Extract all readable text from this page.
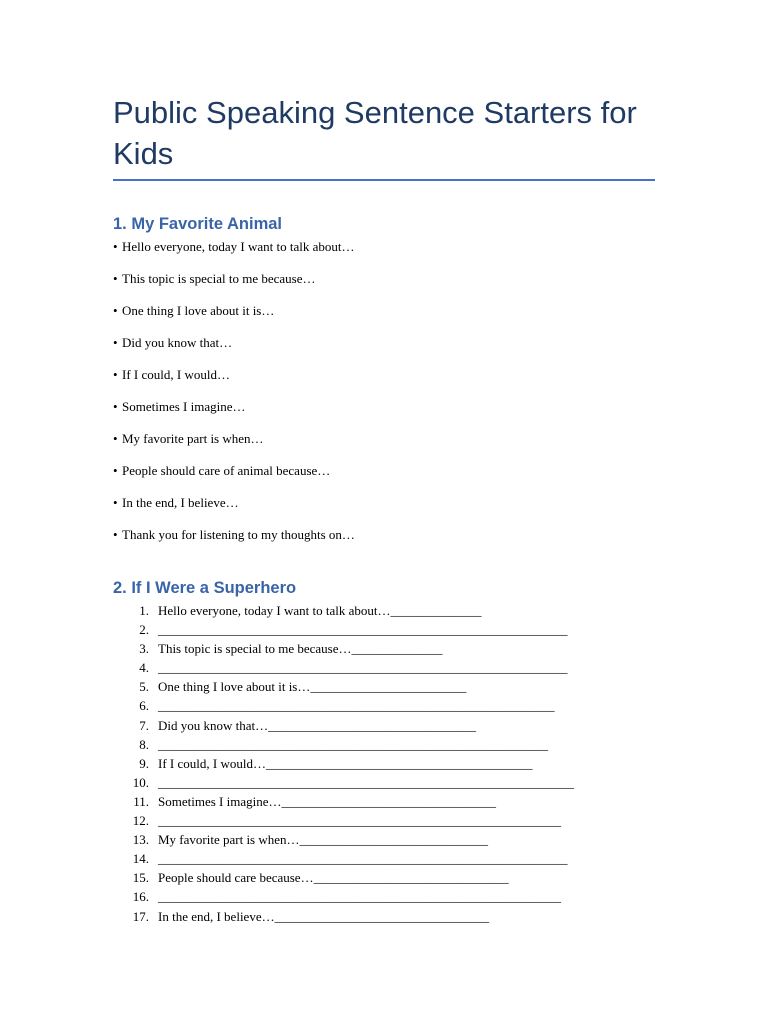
Public Speaking Sentence Starters for Kids
1. My Favorite Animal
• Hello everyone, today I want to talk about…
• This topic is special to me because…
• One thing I love about it is…
• Did you know that…
• If I could, I would…
• Sometimes I imagine…
• My favorite part is when…
• People should care of animal because…
• In the end, I believe…
• Thank you for listening to my thoughts on…
2. If I Were a Superhero
1. Hello everyone, today I want to talk about…______________
2. _______________________________________________________________
3. This topic is special to me because…______________
4. _______________________________________________________________
5. One thing I love about it is…________________________
6. _____________________________________________________________
7. Did you know that…________________________________
8. ____________________________________________________________
9. If I could, I would…_________________________________________
10. ________________________________________________________________
11. Sometimes I imagine…_________________________________
12. ______________________________________________________________
13. My favorite part is when…_____________________________
14. _______________________________________________________________
15. People should care because…______________________________
16. ______________________________________________________________
17. In the end, I believe…_________________________________
